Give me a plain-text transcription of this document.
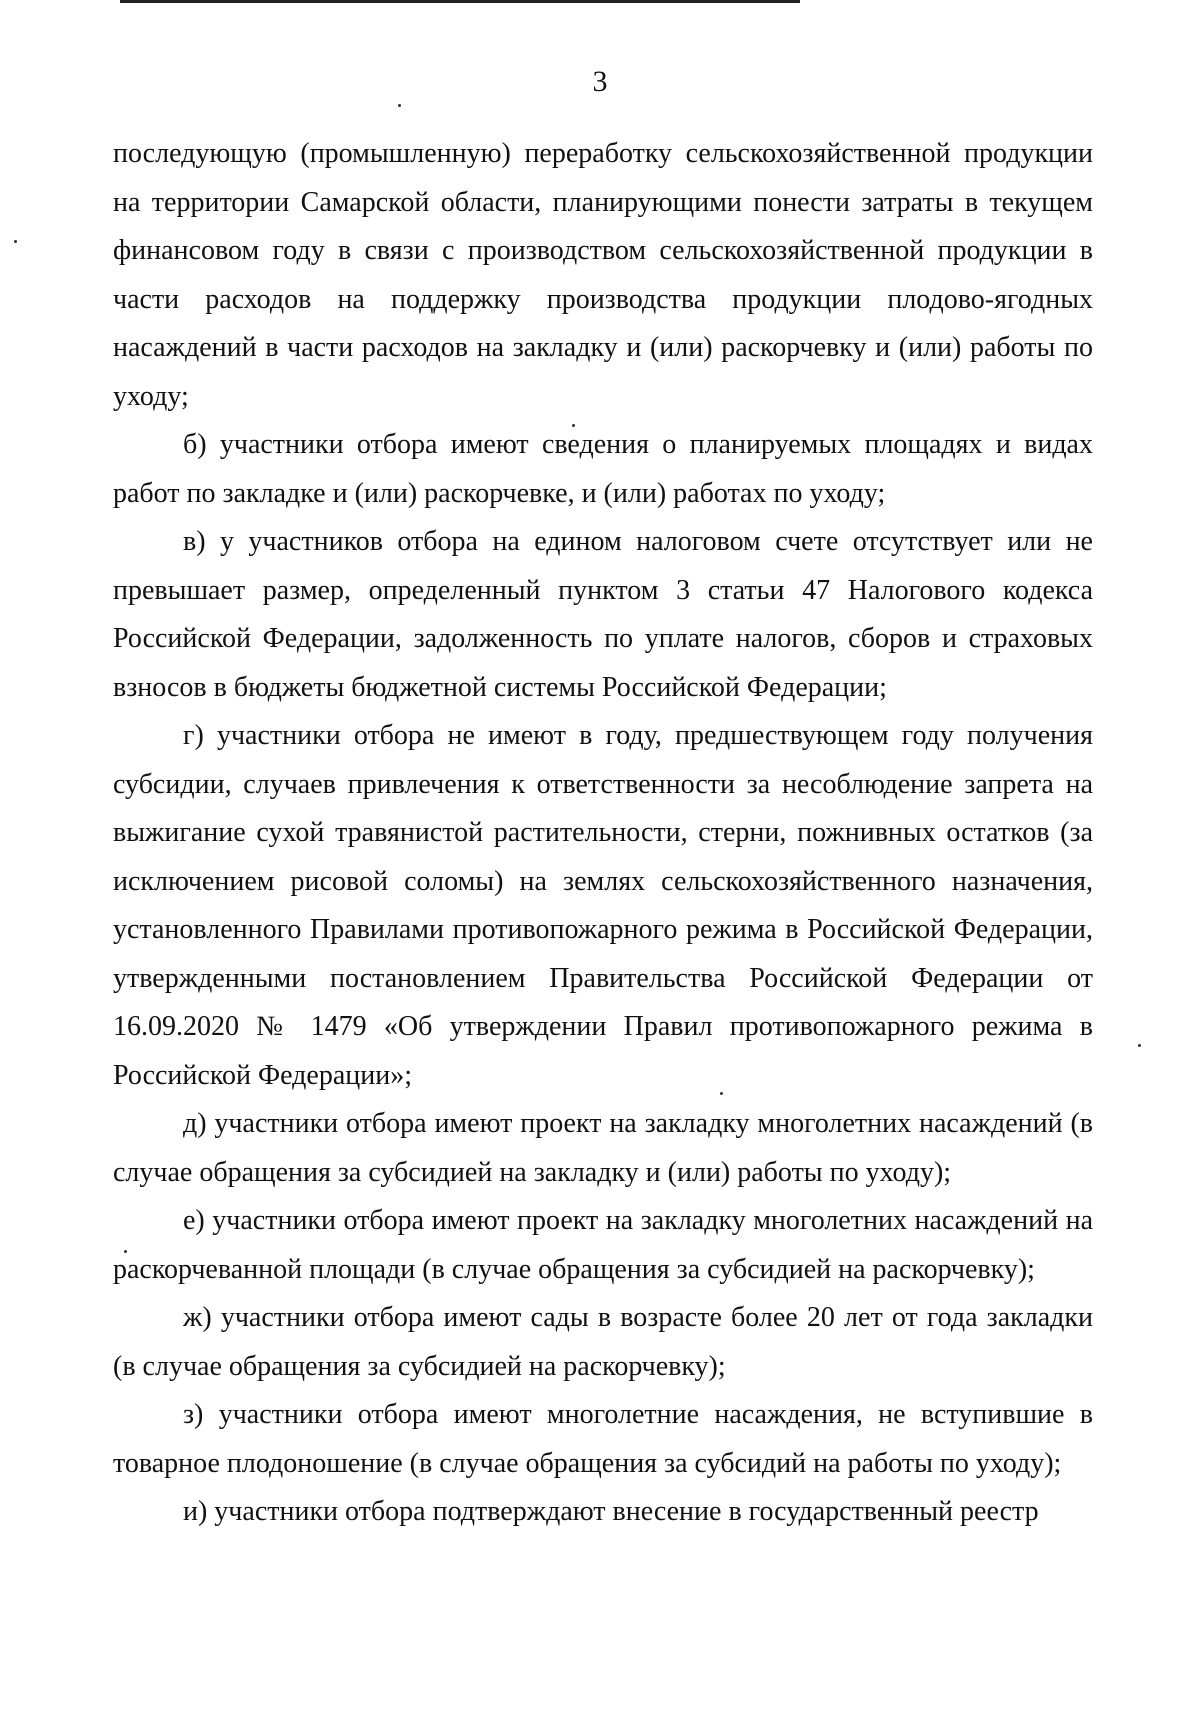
3

последующую (промышленную) переработку сельскохозяйственной продукции на территории Самарской области, планирующими понести затраты в текущем финансовом году в связи с производством сельскохозяйственной продукции в части расходов на поддержку производства продукции плодово-ягодных насаждений в части расходов на закладку и (или) раскорчевку и (или) работы по уходу;

б) участники отбора имеют сведения о планируемых площадях и видах работ по закладке и (или) раскорчевке, и (или) работах по уходу;

в) у участников отбора на едином налоговом счете отсутствует или не превышает размер, определенный пунктом 3 статьи 47 Налогового кодекса Российской Федерации, задолженность по уплате налогов, сборов и страховых взносов в бюджеты бюджетной системы Российской Федерации;

г) участники отбора не имеют в году, предшествующем году получения субсидии, случаев привлечения к ответственности за несоблюдение запрета на выжигание сухой травянистой растительности, стерни, пожнивных остатков (за исключением рисовой соломы) на землях сельскохозяйственного назначения, установленного Правилами противопожарного режима в Российской Федерации, утвержденными постановлением Правительства Российской Федерации от 16.09.2020 № 1479 «Об утверждении Правил противопожарного режима в Российской Федерации»;

д) участники отбора имеют проект на закладку многолетних насаждений (в случае обращения за субсидией на закладку и (или) работы по уходу);

е) участники отбора имеют проект на закладку многолетних насаждений на раскорчеванной площади (в случае обращения за субсидией на раскорчевку);

ж) участники отбора имеют сады в возрасте более 20 лет от года закладки (в случае обращения за субсидией на раскорчевку);

з) участники отбора имеют многолетние насаждения, не вступившие в товарное плодоношение (в случае обращения за субсидий на работы по уходу);

и) участники отбора подтверждают внесение в государственный реестр
